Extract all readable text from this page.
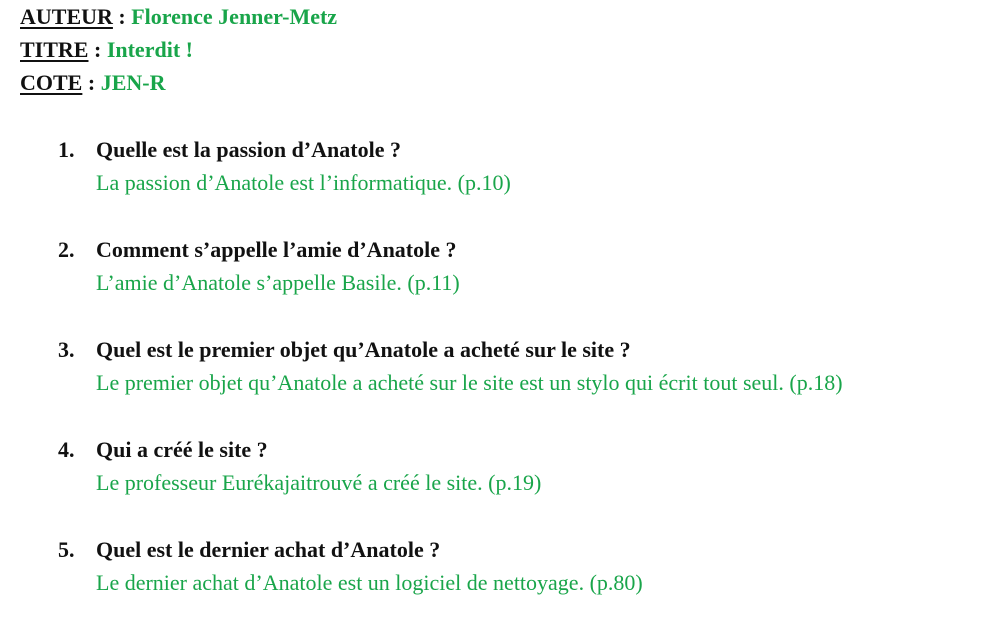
AUTEUR : Florence Jenner-Metz
TITRE : Interdit !
COTE : JEN-R
1. Quelle est la passion d’Anatole ?
La passion d’Anatole est l’informatique. (p.10)
2. Comment s’appelle l’amie d’Anatole ?
L’amie d’Anatole s’appelle Basile. (p.11)
3. Quel est le premier objet qu’Anatole a acheté sur le site ?
Le premier objet qu’Anatole a acheté sur le site est un stylo qui écrit tout seul. (p.18)
4. Qui a créé le site ?
Le professeur Eurékajaitrouvé a créé le site. (p.19)
5. Quel est le dernier achat d’Anatole ?
Le dernier achat d’Anatole est un logiciel de nettoyage. (p.80)
